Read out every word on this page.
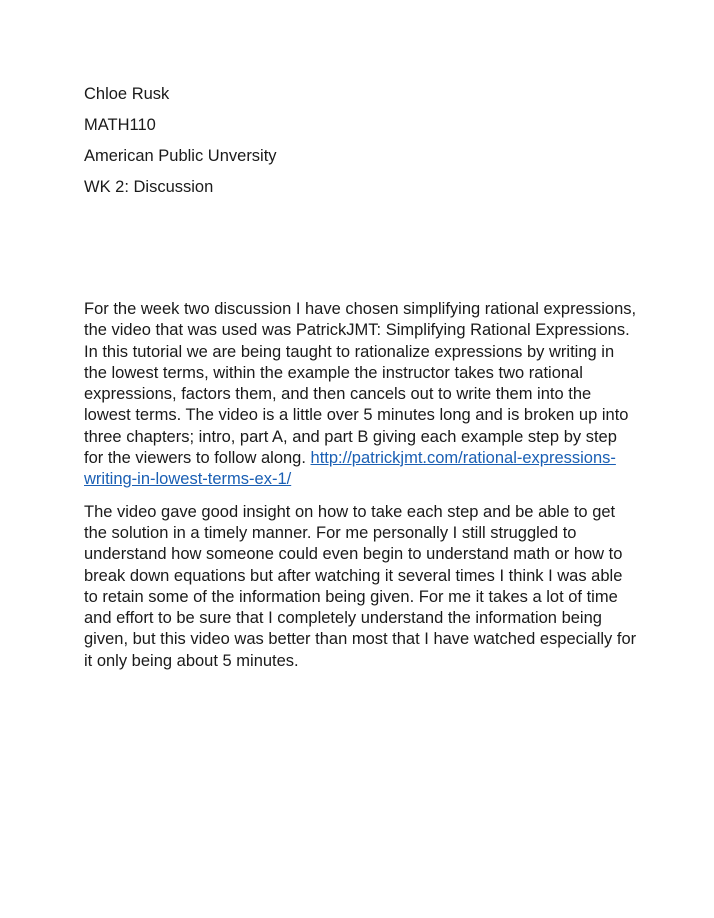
Chloe Rusk
MATH110
American Public Unversity
WK 2: Discussion

For the week two discussion I have chosen simplifying rational expressions, the video that was used was PatrickJMT: Simplifying Rational Expressions. In this tutorial we are being taught to rationalize expressions by writing in the lowest terms, within the example the instructor takes two rational expressions, factors them, and then cancels out to write them into the lowest terms. The video is a little over 5 minutes long and is broken up into three chapters; intro, part A, and part B giving each example step by step for the viewers to follow along. http://patrickjmt.com/rational-expressions-writing-in-lowest-terms-ex-1/

The video gave good insight on how to take each step and be able to get the solution in a timely manner. For me personally I still struggled to understand how someone could even begin to understand math or how to break down equations but after watching it several times I think I was able to retain some of the information being given. For me it takes a lot of time and effort to be sure that I completely understand the information being given, but this video was better than most that I have watched especially for it only being about 5 minutes.
